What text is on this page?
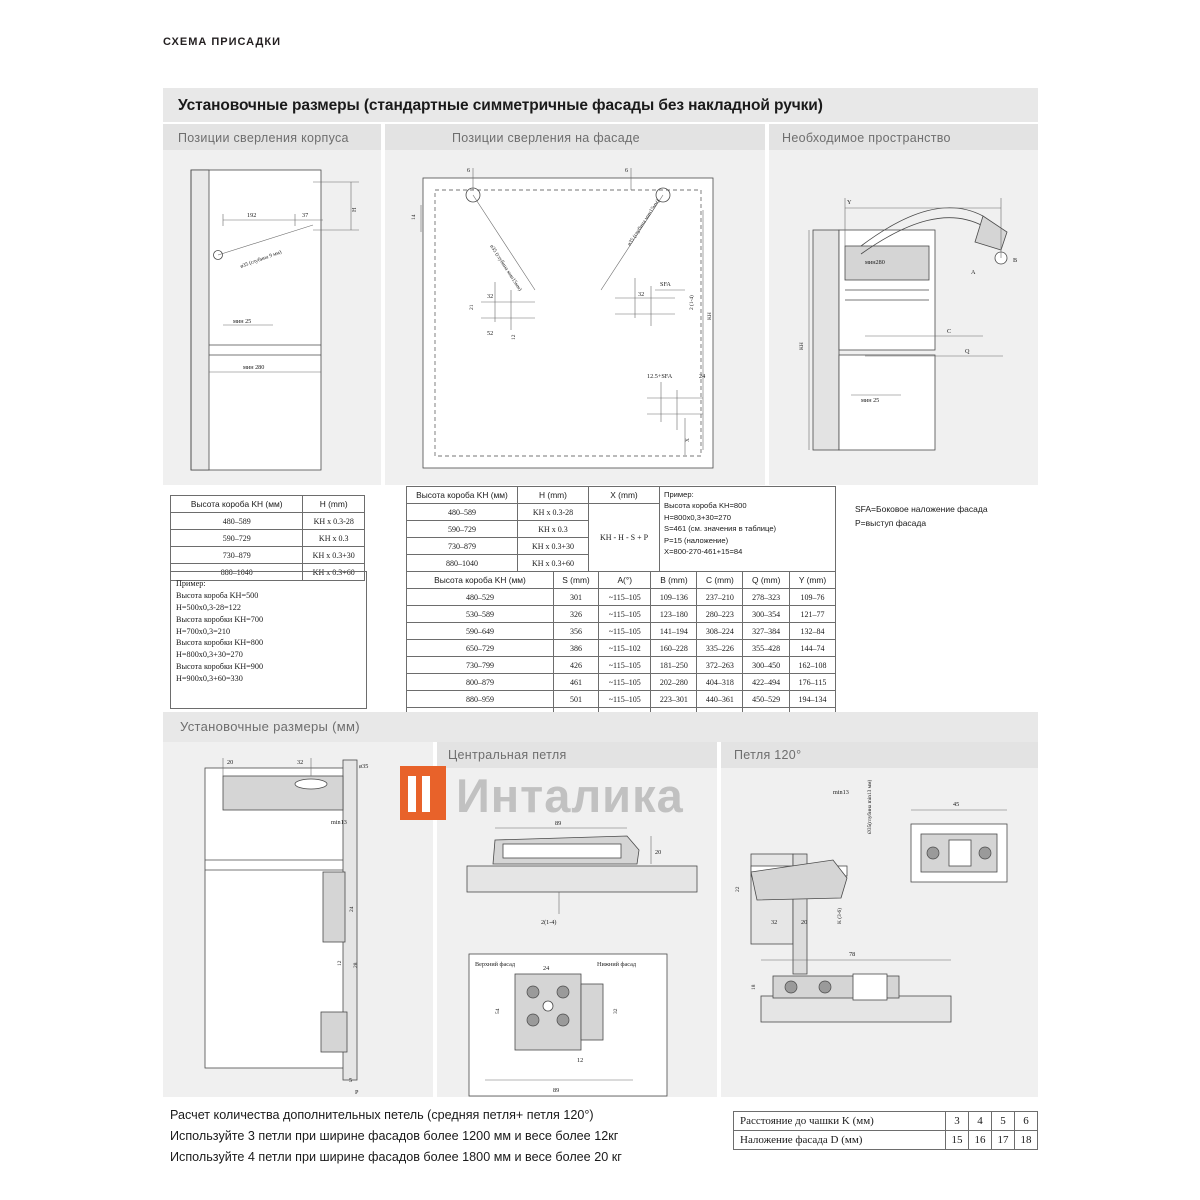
СХЕМА ПРИСАДКИ
Установочные размеры (стандартные симметричные фасады без накладной ручки)
Позиции сверления корпуса	Позиции сверления на фасаде	Необходимое пространство
H
192	37
ø35 (глубина 9 мм)
мин 25
мин 280
ø35 (глубина мин15мм)
ø35 (глубина мин15мм)
6	6
14
32
52
21
12
32
SFA
2 (1-4)
KH
12.5+SFA	24
X
мин280
мин 25
B
Y
A
C
Q
KH
Высота коробa KH (мм)	H (mm)
480–589	KH x 0.3-28
590–729	KH x 0.3
730–879	KH x 0.3+30
880–1040	KH x 0.3+60
Пример:
Высота коробa KH=500
H=500x0,3-28=122
Высота коробки KH=700
H=700x0,3=210
Высота коробки KH=800
H=800x0,3+30=270
Высота коробки KH=900
H=900x0,3+60=330
Высота коробa KH (мм)	H (mm)	X (mm)	Пример:
Высота коробa KH=800
H=800x0,3+30=270
S=461 (см. значения в таблице)
P=15 (наложение)
X=800-270-461+15=84
480–589	KH x 0.3-28	KH - H - S + P	
590–729	KH x 0.3		
730–879	KH x 0.3+30		
880–1040	KH x 0.3+60		
Высота коробa KH (мм)	S (mm)	A(°)	B (mm)	C (mm)	Q (mm)	Y (mm)
480–529	301	~115–105	109–136	237–210	278–323	109–76
530–589	326	~115–105	123–180	280–223	300–354	121–77
590–649	356	~115–105	141–194	308–224	327–384	132–84
650–729	386	~115–102	160–228	335–226	355–428	144–74
730–799	426	~115–105	181–250	372–263	300–450	162–108
800–879	461	~115–105	202–280	404–318	422–494	176–115
880–959	501	~115–105	223–301	440–361	450–529	194–134

SFA=Боковое наложение фасада
P=выступ фасада
Установочные размеры (мм)
Центральная петля	Петля 120°
20	32
ø35
min13
24
12 28
5
P
89
20
2(1-4)
Верхний фасад	Нижний фасад
24
54	32
12
89
min13	Ø35(глубина min13 мм)
22
32	20	K (3-6)
45
78
18
Инталика
Расчет количества дополнительных петель (средняя петля+ петля 120°)
Используйте 3 петли при ширине фасадов более 1200 мм и весе более 12кг
Используйте 4 петли при ширине фасадов более 1800 мм и весе более 20 кг
Расстояние до чашки K (мм)	3	4	5	6
Наложение фасада D (мм)	15	16	17	18
